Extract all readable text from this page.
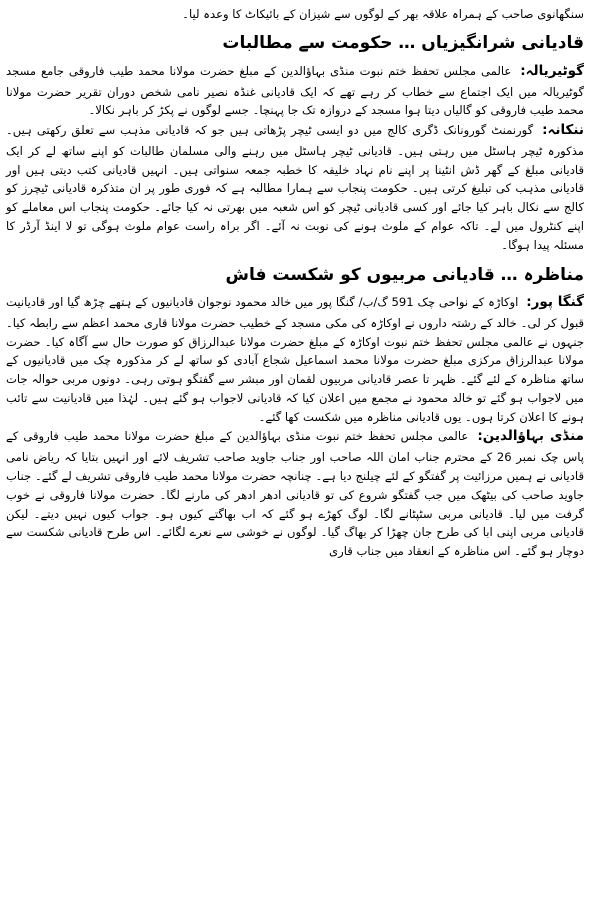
سنگھانوی صاحب کے ہمراہ علاقہ بھر کے لوگوں سے شیزان کے بائیکاٹ کا وعدہ لیا۔

قادیانی شرانگیزیاں … حکومت سے مطالبات

گوٹیریالہ: عالمی مجلس تحفظ ختم نبوت منڈی بہاؤالدین کے مبلغ حضرت مولانا محمد طیب فاروقی جامع مسجد گوٹیریالہ میں ایک اجتماع سے خطاب کر رہے تھے کہ ایک قادیانی غنڈہ نصیر نامی شخص دوران تقریر حضرت مولانا محمد طیب فاروقی کو گالیاں دیتا ہوا مسجد کے دروازہ تک جا پہنچا۔ جسے لوگوں نے پکڑ کر باہر نکالا۔

ننکانہ: گورنمنٹ گورونانک ڈگری کالج میں دو ایسی ٹیچر پڑھاتی ہیں جو کہ قادیانی مذہب سے تعلق رکھتی ہیں۔ مذکورہ ٹیچر ہاسٹل میں رہتی ہیں۔ قادیانی ٹیچر ہاسٹل میں رہنے والی مسلمان طالبات کو اپنے ساتھ لے کر ایک قادیانی مبلغ کے گھر ڈش انٹینا پر اپنے نام نہاد خلیفہ کا خطبہ جمعہ سنواتی ہیں۔ انہیں قادیانی کتب دیتی ہیں اور قادیانی مذہب کی تبلیغ کرتی ہیں۔ حکومت پنجاب سے ہمارا مطالبہ ہے کہ فوری طور پر ان متذکرہ قادیانی ٹیچرز کو کالج سے نکال باہر کیا جائے اور کسی قادیانی ٹیچر کو اس شعبہ میں بھرتی نہ کیا جائے۔ حکومت پنجاب اس معاملے کو اپنے کنٹرول میں لے۔ تاکہ عوام کے ملوث ہونے کی نوبت نہ آئے۔ اگر براہ راست عوام ملوث ہوگی تو لا اینڈ آرڈر کا مسئلہ پیدا ہوگا۔

مناظرہ … قادیانی مربیوں کو شکست فاش

گنگا پور: اوکاڑہ کے نواحی چک 591 گ/ب/ گنگا پور میں خالد محمود نوجوان قادیانیوں کے ہتھے چڑھ گیا اور قادیانیت قبول کر لی۔ خالد کے رشتہ داروں نے اوکاڑہ کی مکی مسجد کے خطیب حضرت مولانا قاری محمد اعظم سے رابطہ کیا۔ جنہوں نے عالمی مجلس تحفظ ختم نبوت اوکاڑہ کے مبلغ حضرت مولانا عبدالرزاق کو صورت حال سے آگاہ کیا۔ حضرت مولانا عبدالرزاق مرکزی مبلغ حضرت مولانا محمد اسماعیل شجاع آبادی کو ساتھ لے کر مذکورہ چک میں قادیانیوں کے ساتھ مناظرہ کے لئے گئے۔ ظہر تا عصر قادیانی مربیوں لقمان اور مبشر سے گفتگو ہوتی رہی۔ دونوں مربی حوالہ جات میں لاجواب ہو گئے تو خالد محمود نے مجمع میں اعلان کیا کہ قادیانی لاجواب ہو گئے ہیں۔ لہٰذا میں قادیانیت سے تائب ہونے کا اعلان کرتا ہوں۔ یوں قادیانی مناظرہ میں شکست کھا گئے۔

منڈی بہاؤالدین: عالمی مجلس تحفظ ختم نبوت منڈی بہاؤالدین کے مبلغ حضرت مولانا محمد طیب فاروقی کے پاس چک نمبر 26 کے محترم جناب امان اللہ صاحب اور جناب جاوید صاحب تشریف لائے اور انہیں بتایا کہ ریاض نامی قادیانی نے ہمیں مرزائیت پر گفتگو کے لئے چیلنج دیا ہے۔ چنانچہ حضرت مولانا محمد طیب فاروقی تشریف لے گئے۔ جناب جاوید صاحب کی بیٹھک میں جب گفتگو شروع کی تو قادیانی ادھر ادھر کی مارنے لگا۔ حضرت مولانا فاروقی نے خوب گرفت میں لیا۔ قادیانی مربی سٹپٹانے لگا۔ لوگ کھڑے ہو گئے کہ اب بھاگتے کیوں ہو۔ جواب کیوں نہیں دیتے۔ لیکن قادیانی مربی اپنی ابا کی طرح جان چھڑا کر بھاگ گیا۔ لوگوں نے خوشی سے نعرے لگائے۔ اس طرح قادیانی شکست سے دوچار ہو گئے۔ اس مناظرہ کے انعقاد میں جناب قاری
